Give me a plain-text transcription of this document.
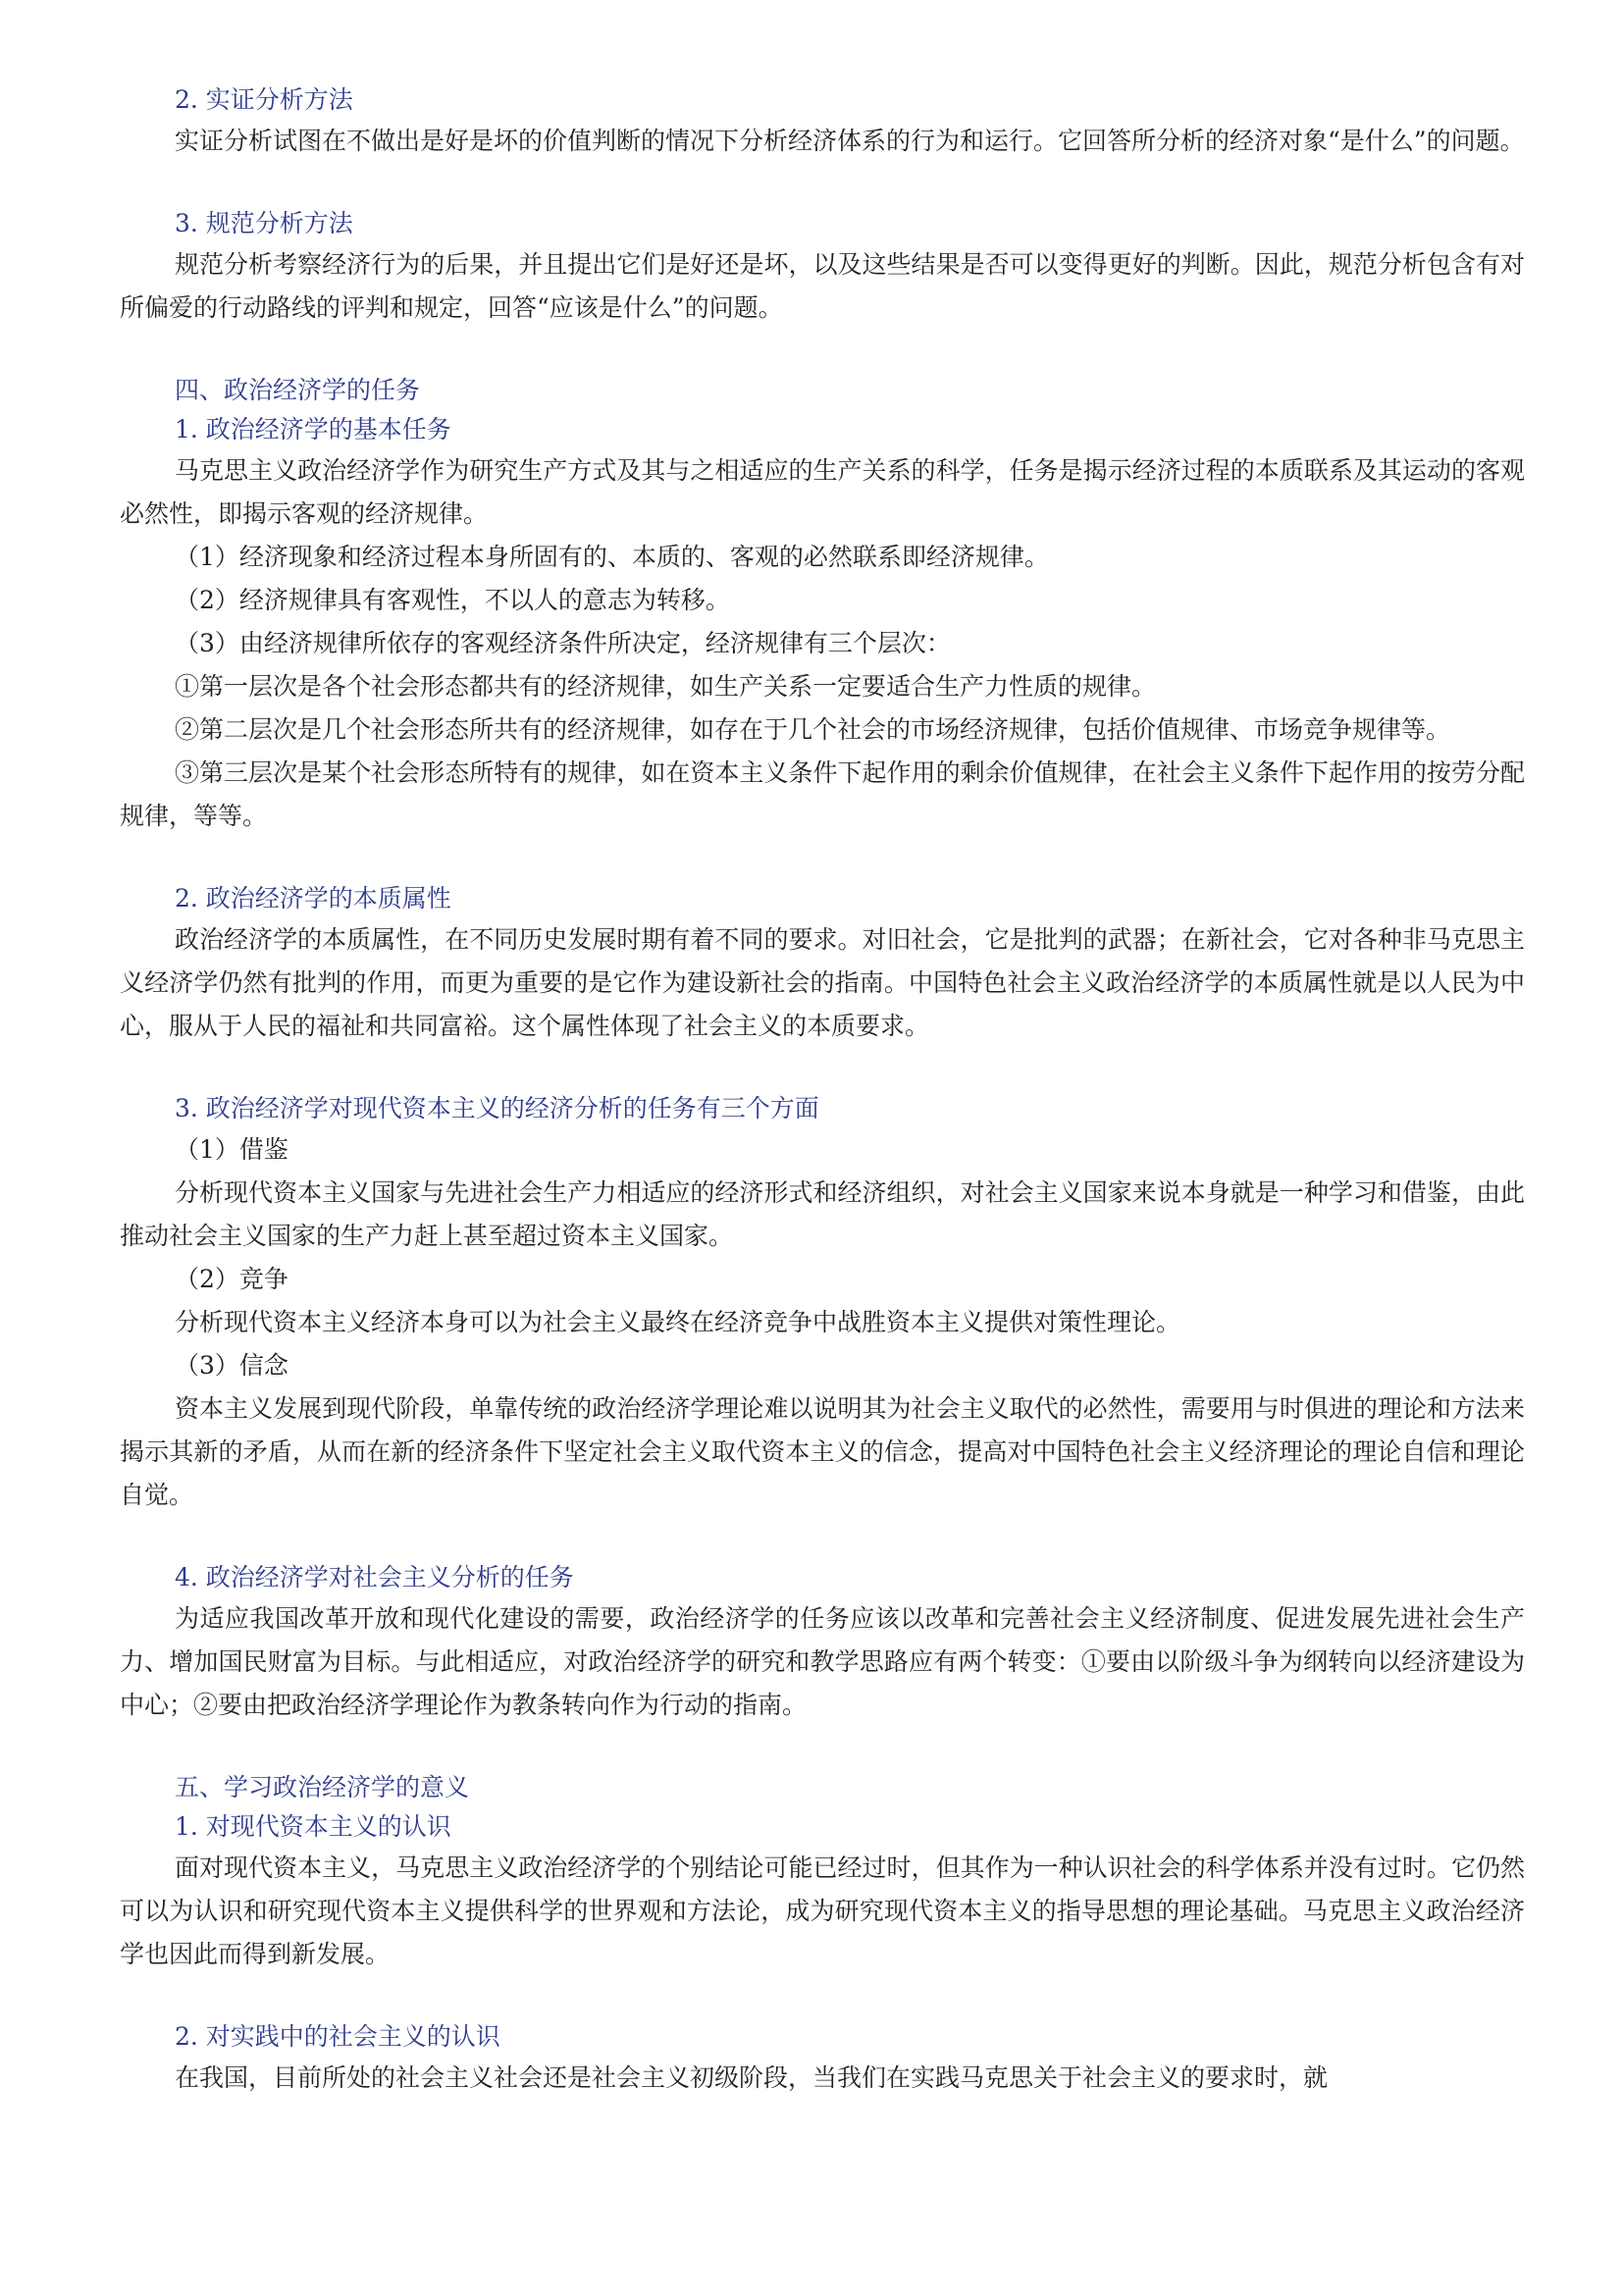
2. 实证分析方法

实证分析试图在不做出是好是坏的价值判断的情况下分析经济体系的行为和运行。它回答所分析的经济对象“是什么”的问题。

3. 规范分析方法

规范分析考察经济行为的后果，并且提出它们是好还是坏，以及这些结果是否可以变得更好的判断。因此，规范分析包含有对所偏爱的行动路线的评判和规定，回答“应该是什么”的问题。

四、政治经济学的任务

1. 政治经济学的基本任务

马克思主义政治经济学作为研究生产方式及其与之相适应的生产关系的科学，任务是揭示经济过程的本质联系及其运动的客观必然性，即揭示客观的经济规律。

（1）经济现象和经济过程本身所固有的、本质的、客观的必然联系即经济规律。

（2）经济规律具有客观性，不以人的意志为转移。

（3）由经济规律所依存的客观经济条件所决定，经济规律有三个层次：

①第一层次是各个社会形态都共有的经济规律，如生产关系一定要适合生产力性质的规律。

②第二层次是几个社会形态所共有的经济规律，如存在于几个社会的市场经济规律，包括价值规律、市场竞争规律等。

③第三层次是某个社会形态所特有的规律，如在资本主义条件下起作用的剩余价值规律，在社会主义条件下起作用的按劳分配规律，等等。

2. 政治经济学的本质属性

政治经济学的本质属性，在不同历史发展时期有着不同的要求。对旧社会，它是批判的武器；在新社会，它对各种非马克思主义经济学仍然有批判的作用，而更为重要的是它作为建设新社会的指南。中国特色社会主义政治经济学的本质属性就是以人民为中心，服从于人民的福祉和共同富裕。这个属性体现了社会主义的本质要求。

3. 政治经济学对现代资本主义的经济分析的任务有三个方面

（1）借鉴

分析现代资本主义国家与先进社会生产力相适应的经济形式和经济组织，对社会主义国家来说本身就是一种学习和借鉴，由此推动社会主义国家的生产力赶上甚至超过资本主义国家。

（2）竞争

分析现代资本主义经济本身可以为社会主义最终在经济竞争中战胜资本主义提供对策性理论。

（3）信念

资本主义发展到现代阶段，单靠传统的政治经济学理论难以说明其为社会主义取代的必然性，需要用与时俱进的理论和方法来揭示其新的矛盾，从而在新的经济条件下坚定社会主义取代资本主义的信念，提高对中国特色社会主义经济理论的理论自信和理论自觉。

4. 政治经济学对社会主义分析的任务

为适应我国改革开放和现代化建设的需要，政治经济学的任务应该以改革和完善社会主义经济制度、促进发展先进社会生产力、增加国民财富为目标。与此相适应，对政治经济学的研究和教学思路应有两个转变：①要由以阶级斗争为纲转向以经济建设为中心；②要由把政治经济学理论作为教条转向作为行动的指南。

五、学习政治经济学的意义

1. 对现代资本主义的认识

面对现代资本主义，马克思主义政治经济学的个别结论可能已经过时，但其作为一种认识社会的科学体系并没有过时。它仍然可以为认识和研究现代资本主义提供科学的世界观和方法论，成为研究现代资本主义的指导思想的理论基础。马克思主义政治经济学也因此而得到新发展。

2. 对实践中的社会主义的认识

在我国，目前所处的社会主义社会还是社会主义初级阶段，当我们在实践马克思关于社会主义的要求时，就
